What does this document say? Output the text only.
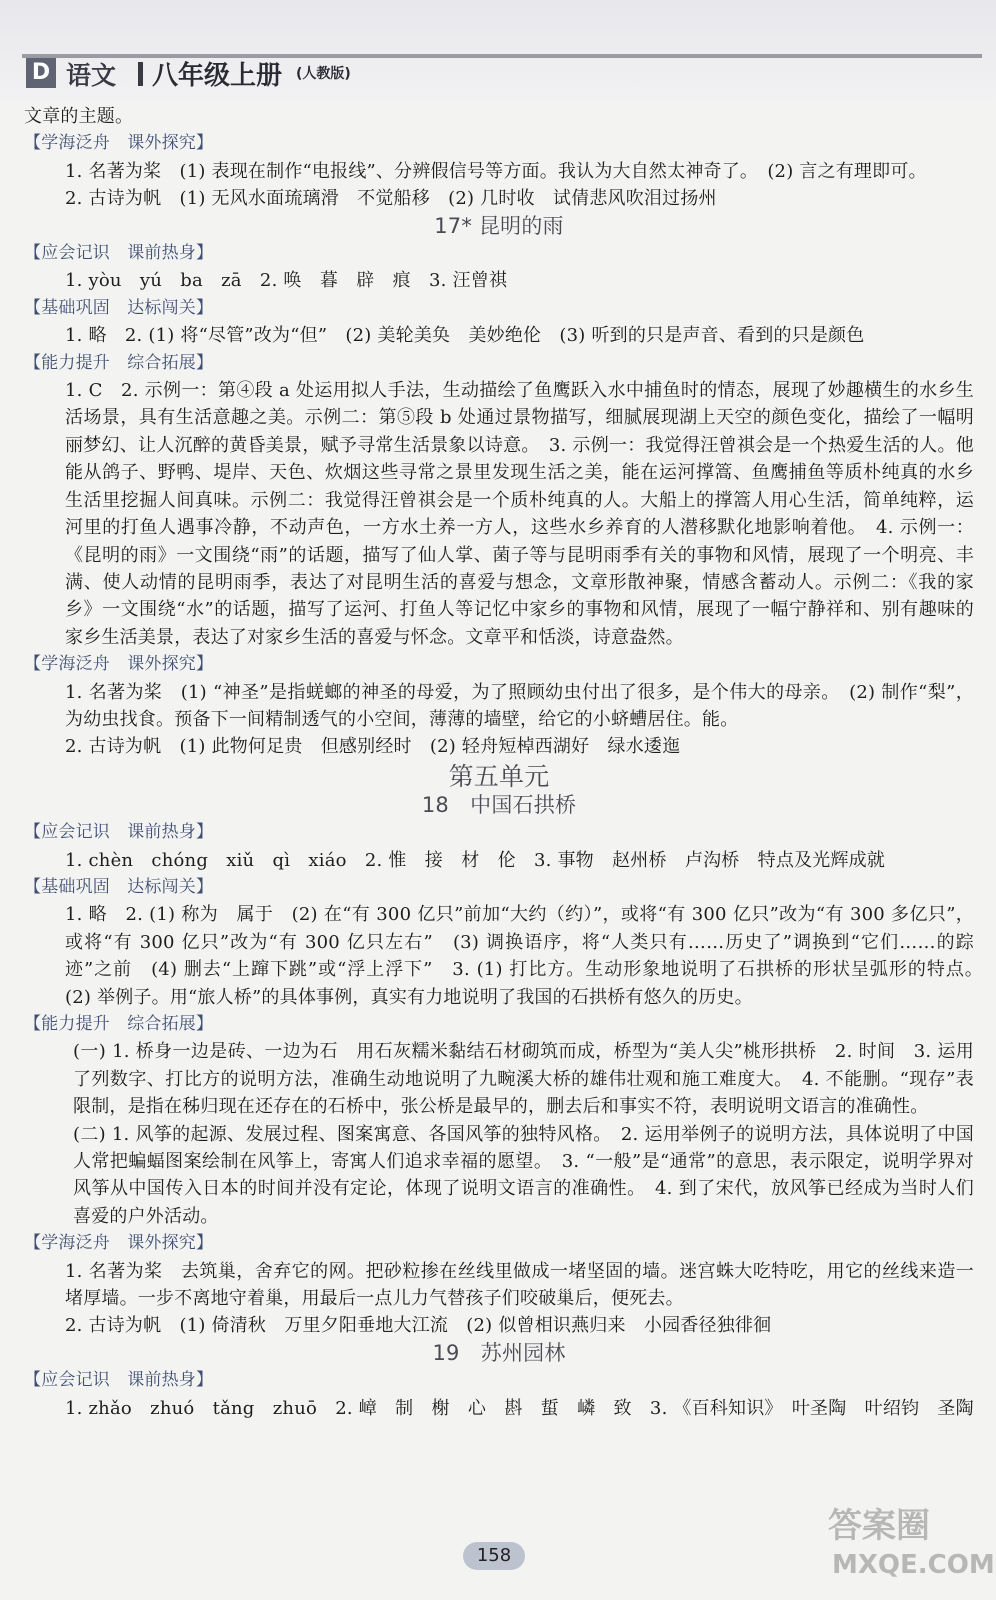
D 语文 八年级上册 (人教版)

文章的主题。

【学海泛舟　课外探究】

1. 名著为桨　(1) 表现在制作“电报线”、分辨假信号等方面。我认为大自然太神奇了。　(2) 言之有理即可。

2. 古诗为帆　(1) 无风水面琉璃滑　不觉船移　(2) 几时收　试倩悲风吹泪过扬州

17* 昆明的雨

【应会记识　课前热身】

1. yòu　yú　ba　zā　2. 唤　暮　辟　痕　3. 汪曾祺

【基础巩固　达标闯关】

1. 略　2. (1) 将“尽管”改为“但”　(2) 美轮美奂　美妙绝伦　(3) 听到的只是声音、看到的只是颜色

【能力提升　综合拓展】

1. C　2. 示例一：第④段 a 处运用拟人手法，生动描绘了鱼鹰跃入水中捕鱼时的情态，展现了妙趣横生的水乡生活场景，具有生活意趣之美。示例二：第⑤段 b 处通过景物描写，细腻展现湖上天空的颜色变化，描绘了一幅明丽梦幻、让人沉醉的黄昏美景，赋予寻常生活景象以诗意。　3. 示例一：我觉得汪曾祺会是一个热爱生活的人。他能从鸽子、野鸭、堤岸、天色、炊烟这些寻常之景里发现生活之美，能在运河撑篙、鱼鹰捕鱼等质朴纯真的水乡生活里挖掘人间真味。示例二：我觉得汪曾祺会是一个质朴纯真的人。大船上的撑篙人用心生活，简单纯粹，运河里的打鱼人遇事冷静，不动声色，一方水土养一方人，这些水乡养育的人潜移默化地影响着他。　4. 示例一：《昆明的雨》一文围绕“雨”的话题，描写了仙人掌、菌子等与昆明雨季有关的事物和风情，展现了一个明亮、丰满、使人动情的昆明雨季，表达了对昆明生活的喜爱与想念，文章形散神聚，情感含蓄动人。示例二：《我的家乡》一文围绕“水”的话题，描写了运河、打鱼人等记忆中家乡的事物和风情，展现了一幅宁静祥和、别有趣味的家乡生活美景，表达了对家乡生活的喜爱与怀念。文章平和恬淡，诗意盎然。

【学海泛舟　课外探究】

1. 名著为桨　(1) “神圣”是指蜣螂的神圣的母爱，为了照顾幼虫付出了很多，是个伟大的母亲。　(2) 制作“梨”，为幼虫找食。预备下一间精制透气的小空间，薄薄的墙壁，给它的小蛴螬居住。能。

2. 古诗为帆　(1) 此物何足贵　但感别经时　(2) 轻舟短棹西湖好　绿水逶迤

第五单元

18　中国石拱桥

【应会记识　课前热身】

1. chèn　chóng　xiǔ　qì　xiáo　2. 惟　接　材　伦　3. 事物　赵州桥　卢沟桥　特点及光辉成就

【基础巩固　达标闯关】

1. 略　2. (1) 称为　属于　(2) 在“有 300 亿只”前加“大约（约）”，或将“有 300 亿只”改为“有 300 多亿只”，或将“有 300 亿只”改为“有 300 亿只左右”　(3) 调换语序，将“人类只有……历史了”调换到“它们……的踪迹”之前　(4) 删去“上蹿下跳”或“浮上浮下”　3. (1) 打比方。生动形象地说明了石拱桥的形状呈弧形的特点。　(2) 举例子。用“旅人桥”的具体事例，真实有力地说明了我国的石拱桥有悠久的历史。

【能力提升　综合拓展】

(一) 1. 桥身一边是砖、一边为石　用石灰糯米黏结石材砌筑而成，桥型为“美人尖”桃形拱桥　2. 时间　3. 运用了列数字、打比方的说明方法，准确生动地说明了九畹溪大桥的雄伟壮观和施工难度大。　4. 不能删。“现存”表限制，是指在秭归现在还存在的石桥中，张公桥是最早的，删去后和事实不符，表明说明文语言的准确性。

(二) 1. 风筝的起源、发展过程、图案寓意、各国风筝的独特风格。　2. 运用举例子的说明方法，具体说明了中国人常把蝙蝠图案绘制在风筝上，寄寓人们追求幸福的愿望。　3. “一般”是“通常”的意思，表示限定，说明学界对风筝从中国传入日本的时间并没有定论，体现了说明文语言的准确性。　4. 到了宋代，放风筝已经成为当时人们喜爱的户外活动。

【学海泛舟　课外探究】

1. 名著为桨　去筑巢，舍弃它的网。把砂粒掺在丝线里做成一堵坚固的墙。迷宫蛛大吃特吃，用它的丝线来造一堵厚墙。一步不离地守着巢，用最后一点儿力气替孩子们咬破巢后，便死去。

2. 古诗为帆　(1) 倚清秋　万里夕阳垂地大江流　(2) 似曾相识燕归来　小园香径独徘徊

19　苏州园林

【应会记识　课前热身】

1. zhǎo　zhuó　tǎng　zhuō　2. 嶂　制　榭　心　斟　蜇　嶙　致　3. 《百科知识》　叶圣陶　叶绍钧　圣陶

158
答案圈
MXQE.COM
